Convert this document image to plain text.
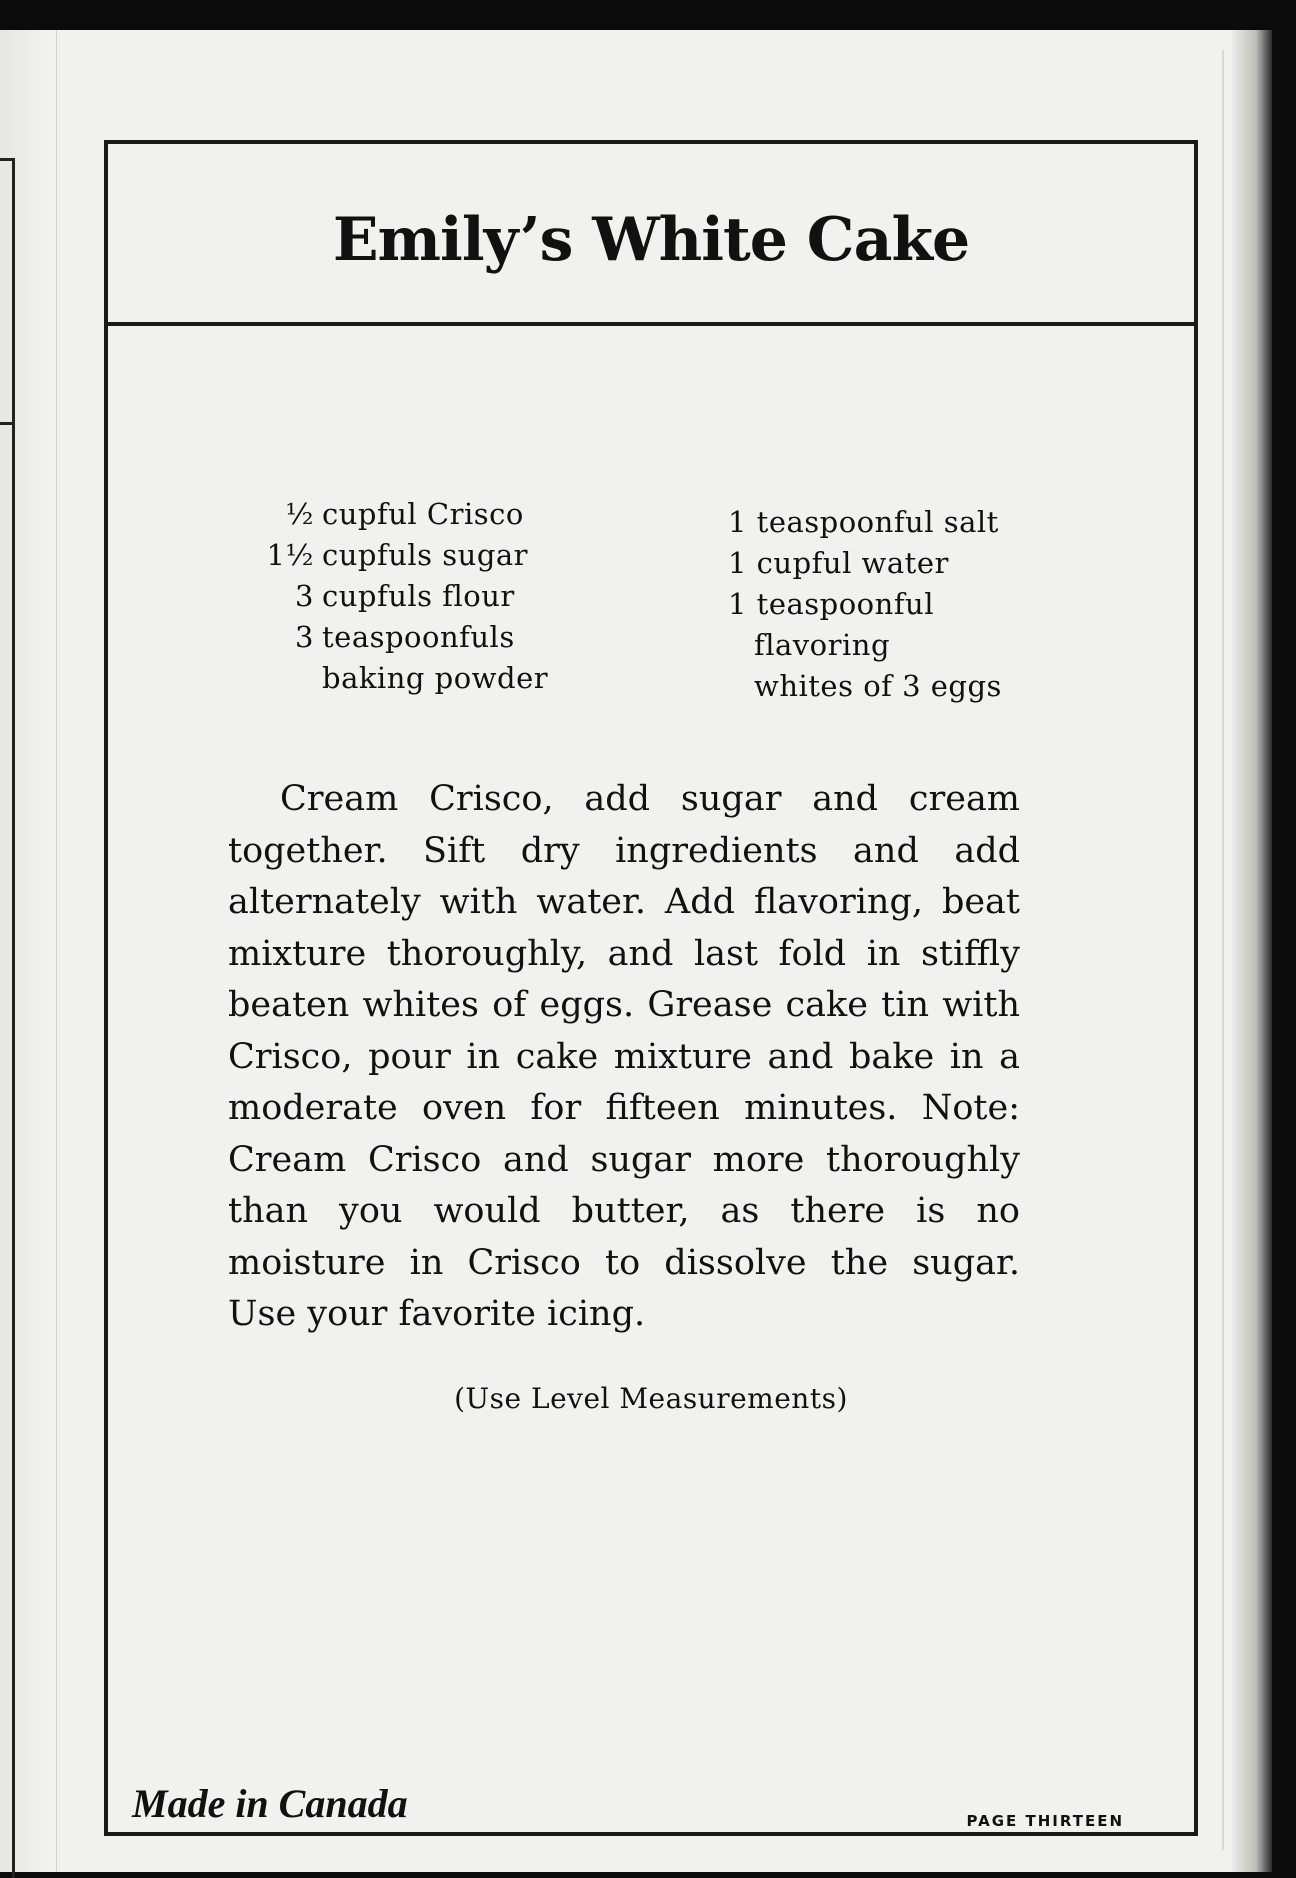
Emily’s White Cake
½ cupful Crisco
1½ cupfuls sugar
3 cupfuls flour
3 teaspoonfuls
baking powder
1 teaspoonful salt
1 cupful water
1 teaspoonful
flavoring
whites of 3 eggs
Cream Crisco, add sugar and cream together. Sift dry ingredients and add alternately with water. Add flavoring, beat mixture thoroughly, and last fold in stiffly beaten whites of eggs. Grease cake tin with Crisco, pour in cake mixture and bake in a moderate oven for fifteen minutes. Note: Cream Crisco and sugar more thoroughly than you would butter, as there is no moisture in Crisco to dissolve the sugar. Use your favorite icing.
(Use Level Measurements)
Made in Canada	PAGE THIRTEEN
